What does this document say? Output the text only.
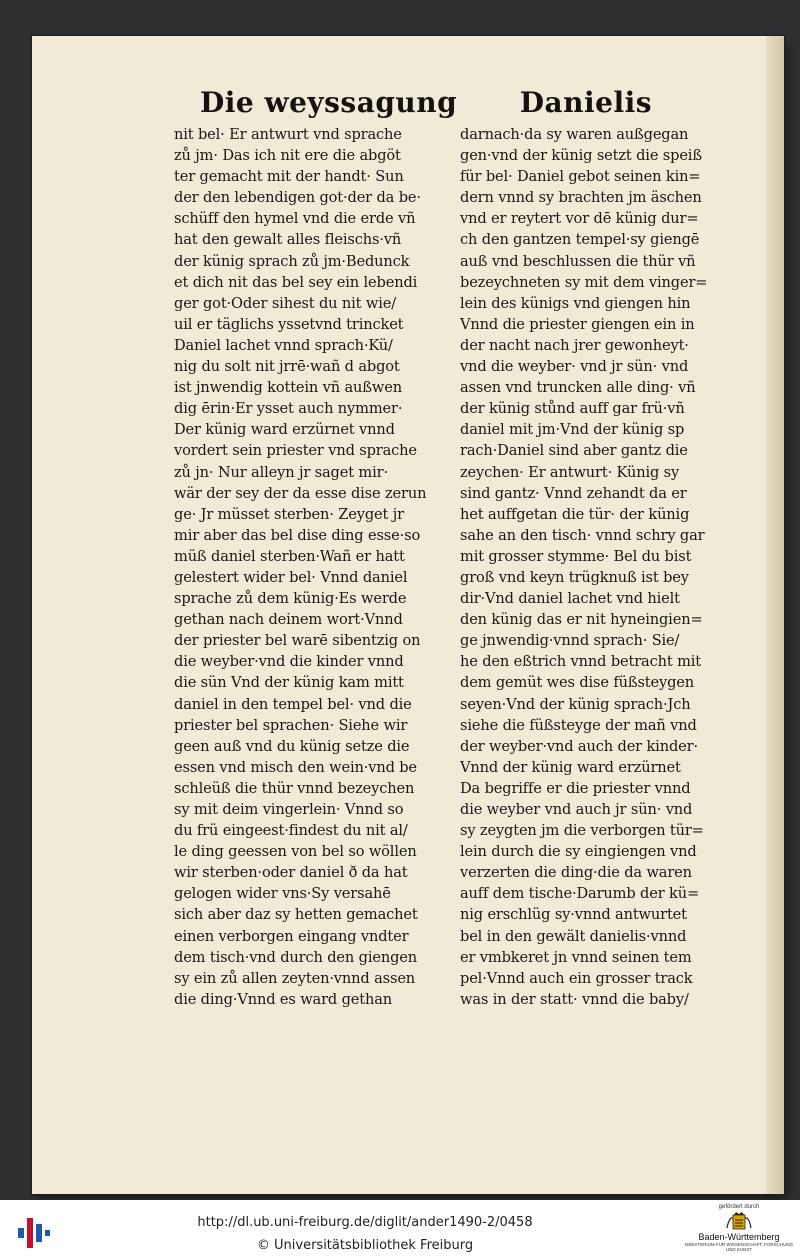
Die weyssagung Danielis
nit bel· Er antwurt vnd sprache
zů jm· Das ich nit ere die abgöt
ter gemacht mit der handt· Sun
der den lebendigen got·der da be·
schüff den hymel vnd die erde vñ
hat den gewalt alles fleischs·vñ
der künig sprach zů jm·Bedunck
et dich nit das bel sey ein lebendi
ger got·Oder sihest du nit wie/
uil er täglichs yssetvnd trincket
Daniel lachet vnnd sprach·Kü/
nig du solt nit jrrē·wañ d abgot
ist jnwendig kottein vñ außwen
dig ērin·Er ysset auch nymmer·
Der künig ward erzürnet vnnd
vordert sein priester vnd sprache
zů jn· Nur alleyn jr saget mir·
wär der sey der da esse dise zerun
ge· Jr müsset sterben· Zeyget jr
mir aber das bel dise ding esse·so
müß daniel sterben·Wañ er hatt
gelestert wider bel· Vnnd daniel
sprache zů dem künig·Es werde
gethan nach deinem wort·Vnnd
der priester bel warē sibentzig on
die weyber·vnd die kinder vnnd
die sün Vnd der künig kam mitt
daniel in den tempel bel· vnd die
priester bel sprachen· Siehe wir
geen auß vnd du künig setze die
essen vnd misch den wein·vnd be
schleüß die thür vnnd bezeychen
sy mit deim vingerlein· Vnnd so
du frü eingeest·findest du nit al/
le ding geessen von bel so wöllen
wir sterben·oder daniel ð da hat
gelogen wider vns·Sy versahē
sich aber daz sy hetten gemachet
einen verborgen eingang vndter
dem tisch·vnd durch den giengen
sy ein zů allen zeyten·vnnd assen
die ding·Vnnd es ward gethan
darnach·da sy waren außgegan
gen·vnd der künig setzt die speiß
für bel· Daniel gebot seinen kin=
dern vnnd sy brachten jm äschen
vnd er reytert vor dē künig dur=
ch den gantzen tempel·sy giengē
auß vnd beschlussen die thür vñ
bezeychneten sy mit dem vinger=
lein des künigs vnd giengen hin
Vnnd die priester giengen ein in
der nacht nach jrer gewonheyt·
vnd die weyber· vnd jr sün· vnd
assen vnd truncken alle ding· vñ
der künig stůnd auff gar frü·vñ
daniel mit jm·Vnd der künig sp
rach·Daniel sind aber gantz die
zeychen· Er antwurt· Künig sy
sind gantz· Vnnd zehandt da er
het auffgetan die tür· der künig
sahe an den tisch· vnnd schry gar
mit grosser stymme· Bel du bist
groß vnd keyn trügknuß ist bey
dir·Vnd daniel lachet vnd hielt
den künig das er nit hyneingien=
ge jnwendig·vnnd sprach· Sie/
he den eßtrich vnnd betracht mit
dem gemüt wes dise füßsteygen
seyen·Vnd der künig sprach·Jch
siehe die füßsteyge der mañ vnd
der weyber·vnd auch der kinder·
Vnnd der künig ward erzürnet
Da begriffe er die priester vnnd
die weyber vnd auch jr sün· vnd
sy zeygten jm die verborgen tür=
lein durch die sy eingiengen vnd
verzerten die ding·die da waren
auff dem tische·Darumb der kü=
nig erschlüg sy·vnnd antwurtet
bel in den gewält danielis·vnnd
er vmbkeret jn vnnd seinen tem
pel·Vnnd auch ein grosser track
was in der statt· vnnd die baby/
http://dl.ub.uni-freiburg.de/diglit/ander1490-2/0458
© Universitätsbibliothek Freiburg
gefördert durch
Baden-Württemberg
MINISTERIUM FÜR WISSENSCHAFT, FORSCHUNG UND KUNST
